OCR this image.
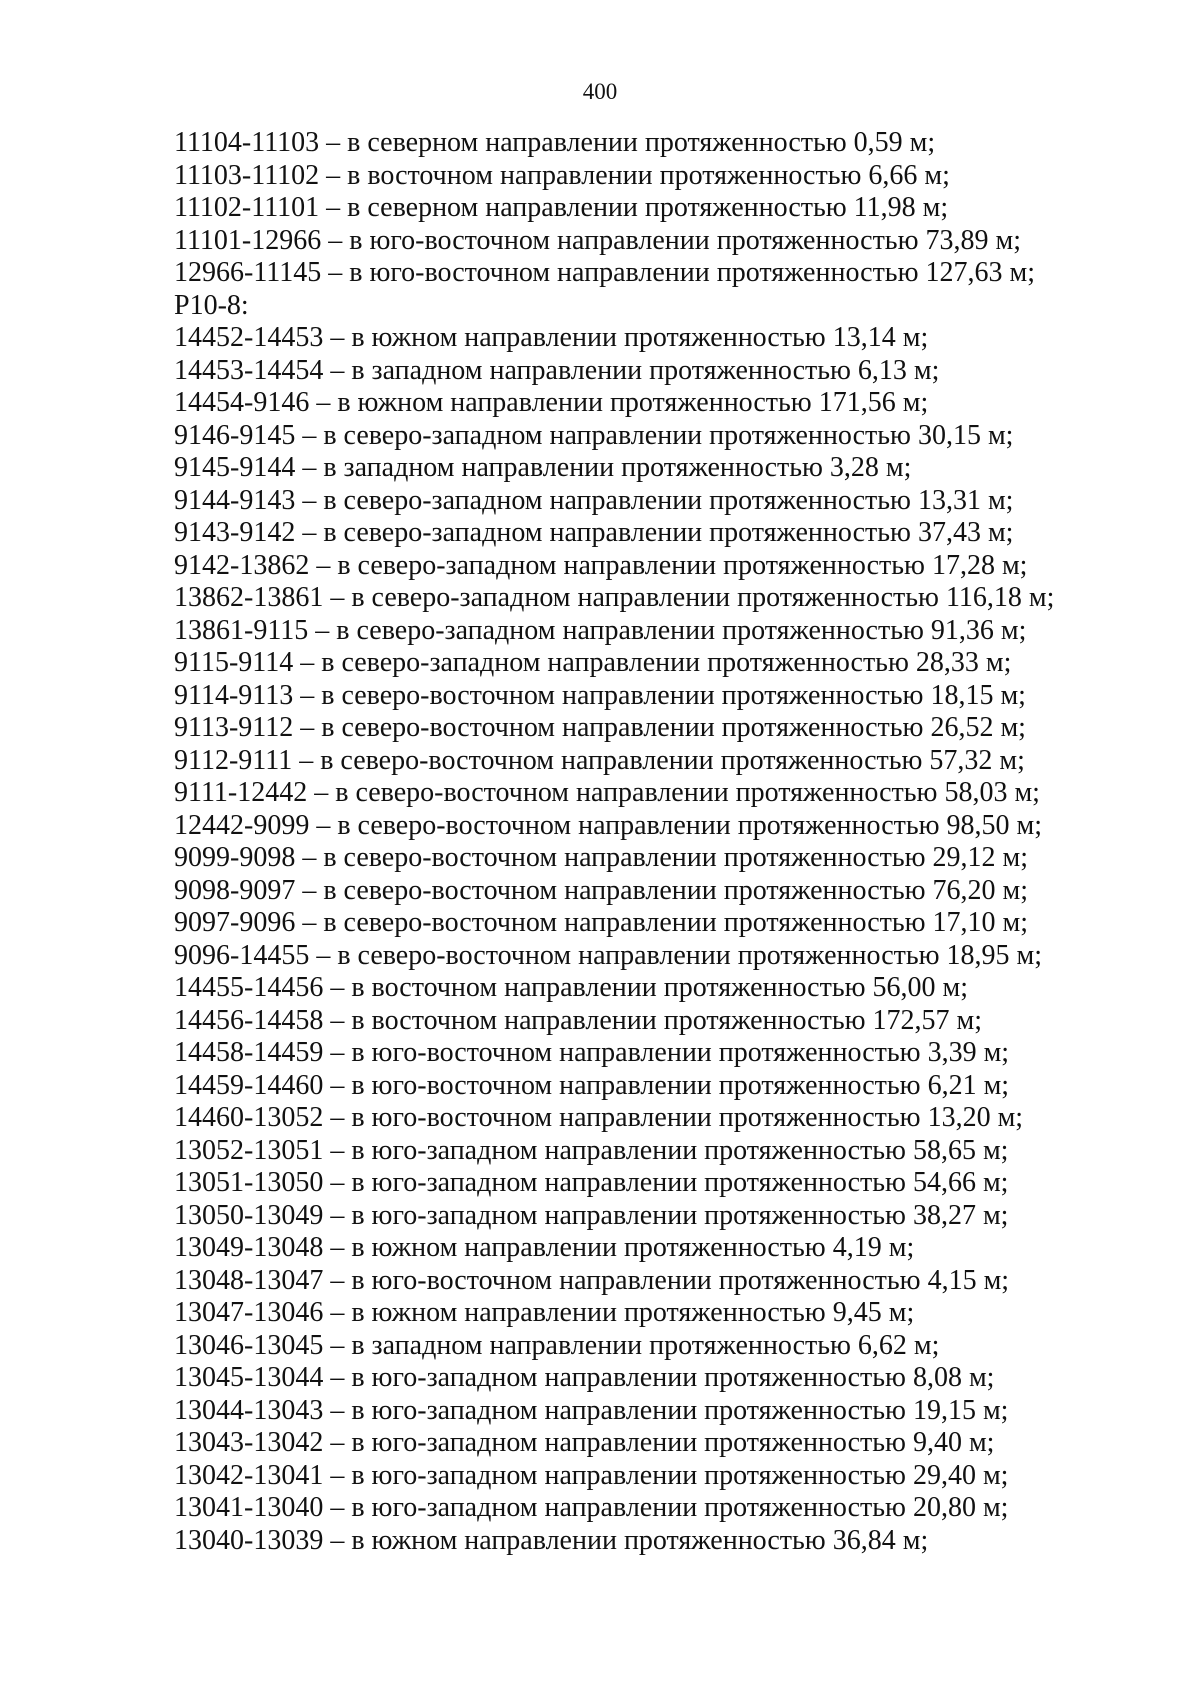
400
11104-11103 – в северном направлении протяженностью 0,59 м;
11103-11102 – в восточном направлении протяженностью 6,66 м;
11102-11101 – в северном направлении протяженностью 11,98 м;
11101-12966 – в юго-восточном направлении протяженностью 73,89 м;
12966-11145 – в юго-восточном направлении протяженностью 127,63 м;
Р10-8:
14452-14453 – в южном направлении протяженностью 13,14 м;
14453-14454 – в западном направлении протяженностью 6,13 м;
14454-9146 – в южном направлении протяженностью 171,56 м;
9146-9145 – в северо-западном направлении протяженностью 30,15 м;
9145-9144 – в западном направлении протяженностью 3,28 м;
9144-9143 – в северо-западном направлении протяженностью 13,31 м;
9143-9142 – в северо-западном направлении протяженностью 37,43 м;
9142-13862 – в северо-западном направлении протяженностью 17,28 м;
13862-13861 – в северо-западном направлении протяженностью 116,18 м;
13861-9115 – в северо-западном направлении протяженностью 91,36 м;
9115-9114 – в северо-западном направлении протяженностью 28,33 м;
9114-9113 – в северо-восточном направлении протяженностью 18,15 м;
9113-9112 – в северо-восточном направлении протяженностью 26,52 м;
9112-9111 – в северо-восточном направлении протяженностью 57,32 м;
9111-12442 – в северо-восточном направлении протяженностью 58,03 м;
12442-9099 – в северо-восточном направлении протяженностью 98,50 м;
9099-9098 – в северо-восточном направлении протяженностью 29,12 м;
9098-9097 – в северо-восточном направлении протяженностью 76,20 м;
9097-9096 – в северо-восточном направлении протяженностью 17,10 м;
9096-14455 – в северо-восточном направлении протяженностью 18,95 м;
14455-14456 – в восточном направлении протяженностью 56,00 м;
14456-14458 – в восточном направлении протяженностью 172,57 м;
14458-14459 – в юго-восточном направлении протяженностью 3,39 м;
14459-14460 – в юго-восточном направлении протяженностью 6,21 м;
14460-13052 – в юго-восточном направлении протяженностью 13,20 м;
13052-13051 – в юго-западном направлении протяженностью 58,65 м;
13051-13050 – в юго-западном направлении протяженностью 54,66 м;
13050-13049 – в юго-западном направлении протяженностью 38,27 м;
13049-13048 – в южном направлении протяженностью 4,19 м;
13048-13047 – в юго-восточном направлении протяженностью 4,15 м;
13047-13046 – в южном направлении протяженностью 9,45 м;
13046-13045 – в западном направлении протяженностью 6,62 м;
13045-13044 – в юго-западном направлении протяженностью 8,08 м;
13044-13043 – в юго-западном направлении протяженностью 19,15 м;
13043-13042 – в юго-западном направлении протяженностью 9,40 м;
13042-13041 – в юго-западном направлении протяженностью 29,40 м;
13041-13040 – в юго-западном направлении протяженностью 20,80 м;
13040-13039 – в южном направлении протяженностью 36,84 м;
